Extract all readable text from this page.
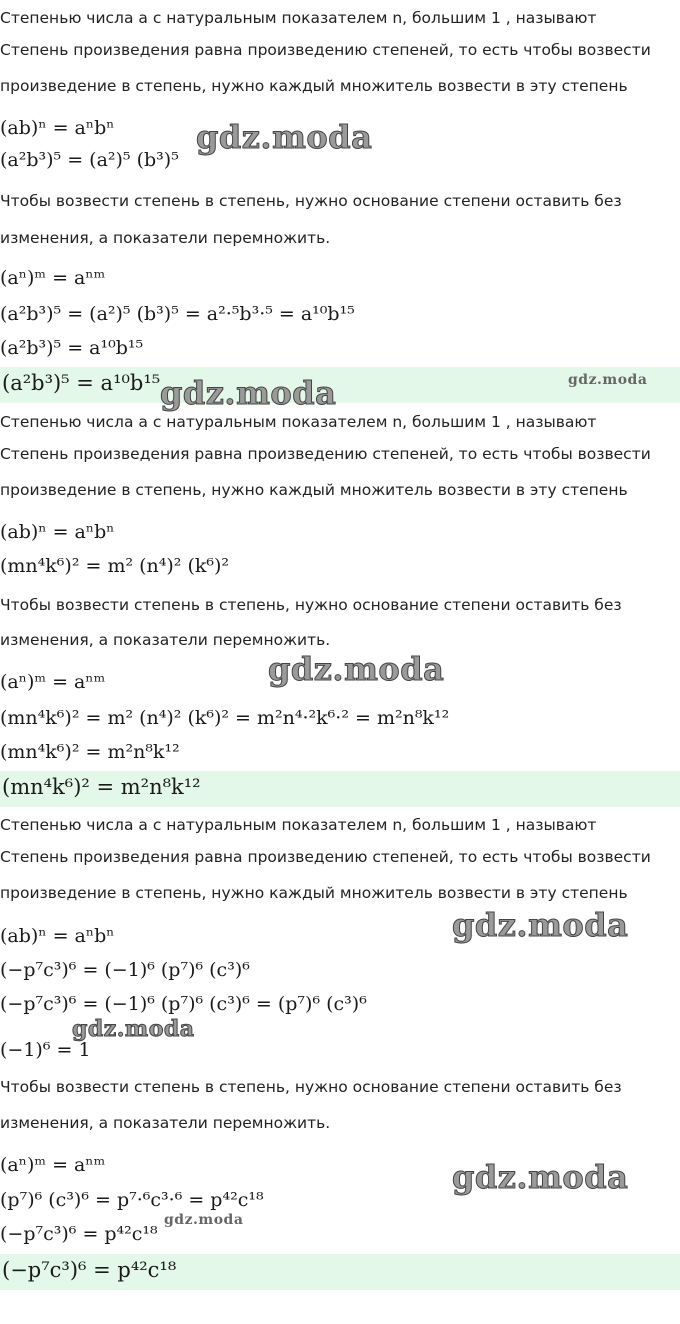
Степенью числа a с натуральным показателем n, большим 1 , называют
Степень произведения равна произведению степеней, то есть чтобы возвести
произведение в степень, нужно каждый множитель возвести в эту степень
(ab)ⁿ = aⁿbⁿ
(a²b³)⁵ = (a²)⁵ (b³)⁵
Чтобы возвести степень в степень, нужно основание степени оставить без
изменения, а показатели перемножить.
(aⁿ)ᵐ = aⁿᵐ
(a²b³)⁵ = (a²)⁵ (b³)⁵ = a²·⁵b³·⁵ = a¹⁰b¹⁵
(a²b³)⁵ = a¹⁰b¹⁵
(a²b³)⁵ = a¹⁰b¹⁵
Степенью числа a с натуральным показателем n, большим 1 , называют
Степень произведения равна произведению степеней, то есть чтобы возвести
произведение в степень, нужно каждый множитель возвести в эту степень
(ab)ⁿ = aⁿbⁿ
(mn⁴k⁶)² = m² (n⁴)² (k⁶)²
Чтобы возвести степень в степень, нужно основание степени оставить без
изменения, а показатели перемножить.
(aⁿ)ᵐ = aⁿᵐ
(mn⁴k⁶)² = m² (n⁴)² (k⁶)² = m²n⁴·²k⁶·² = m²n⁸k¹²
(mn⁴k⁶)² = m²n⁸k¹²
(mn⁴k⁶)² = m²n⁸k¹²
Степенью числа a с натуральным показателем n, большим 1 , называют
Степень произведения равна произведению степеней, то есть чтобы возвести
произведение в степень, нужно каждый множитель возвести в эту степень
(ab)ⁿ = aⁿbⁿ
(−p⁷c³)⁶ = (−1)⁶ (p⁷)⁶ (c³)⁶
(−p⁷c³)⁶ = (−1)⁶ (p⁷)⁶ (c³)⁶ = (p⁷)⁶ (c³)⁶
(−1)⁶ = 1
Чтобы возвести степень в степень, нужно основание степени оставить без
изменения, а показатели перемножить.
(aⁿ)ᵐ = aⁿᵐ
(p⁷)⁶ (c³)⁶ = p⁷·⁶c³·⁶ = p⁴²c¹⁸
(−p⁷c³)⁶ = p⁴²c¹⁸
(−p⁷c³)⁶ = p⁴²c¹⁸
gdz.moda
gdz.moda	gdz.moda
gdz.moda
gdz.moda
gdz.moda
gdz.moda
gdz.moda
